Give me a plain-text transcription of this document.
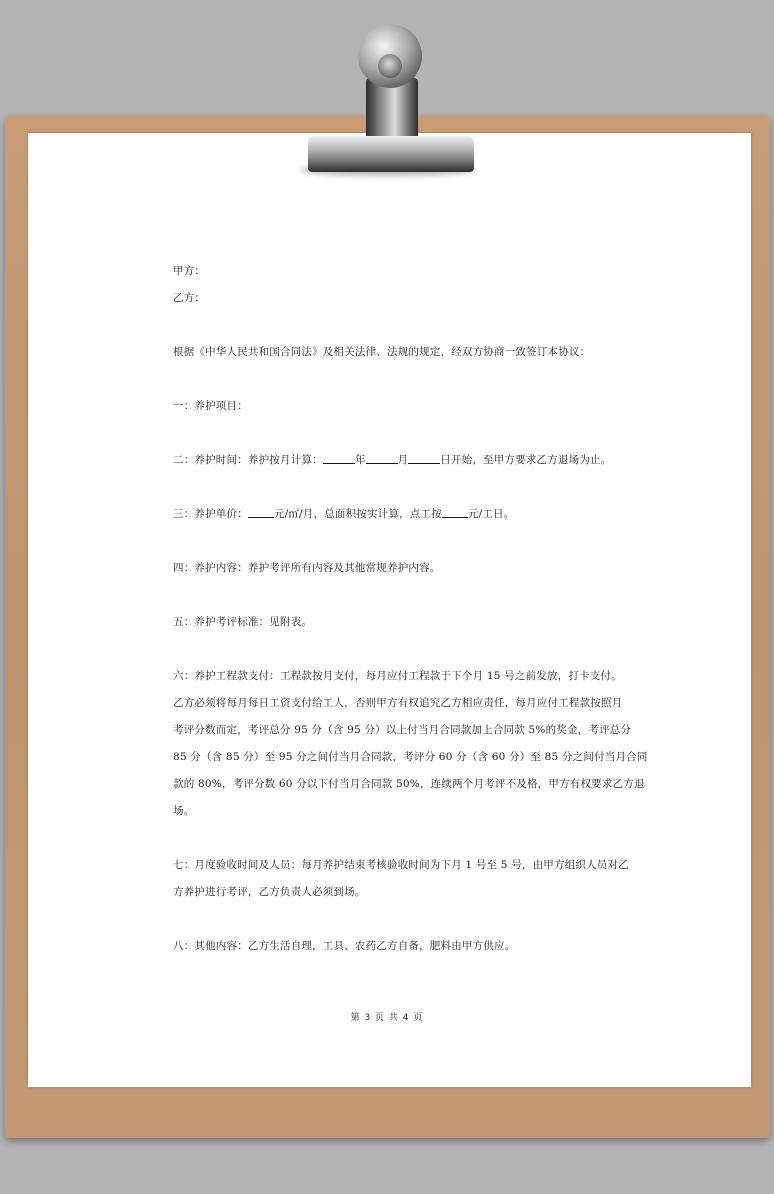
甲方：

乙方：

根据《中华人民共和国合同法》及相关法律、法规的规定，经双方协商一致签订本协议：

一：养护项目：

二：养护时间：养护按月计算：	年	月	日开始，至甲方要求乙方退场为止。

三：养护单价： 元/㎡/月，总面积按实计算，点工按 元/工日。

四：养护内容：养护考评所有内容及其他常规养护内容。

五：养护考评标准：见附表。

六：养护工程款支付：工程款按月支付，每月应付工程款于下个月 15 号之前发放，打卡支付。

乙方必须将每月每日工资支付给工人，否则甲方有权追究乙方相应责任，每月应付工程款按照月

考评分数而定，考评总分 95 分（含 95 分）以上付当月合同款加上合同款 5%的奖金，考评总分

85 分（含 85 分）至 95 分之间付当月合同款，考评分 60 分（含 60 分）至 85 分之间付当月合同

款的 80%，考评分数 60 分以下付当月合同款 50%，连续两个月考评不及格，甲方有权要求乙方退

场。

七：月度验收时间及人员：每月养护结束考核验收时间为下月 1 号至 5 号，由甲方组织人员对乙

方养护进行考评，乙方负责人必须到场。

八：其他内容：乙方生活自理，工具、农药乙方自备，肥料由甲方供应。

第 3 页 共 4 页
